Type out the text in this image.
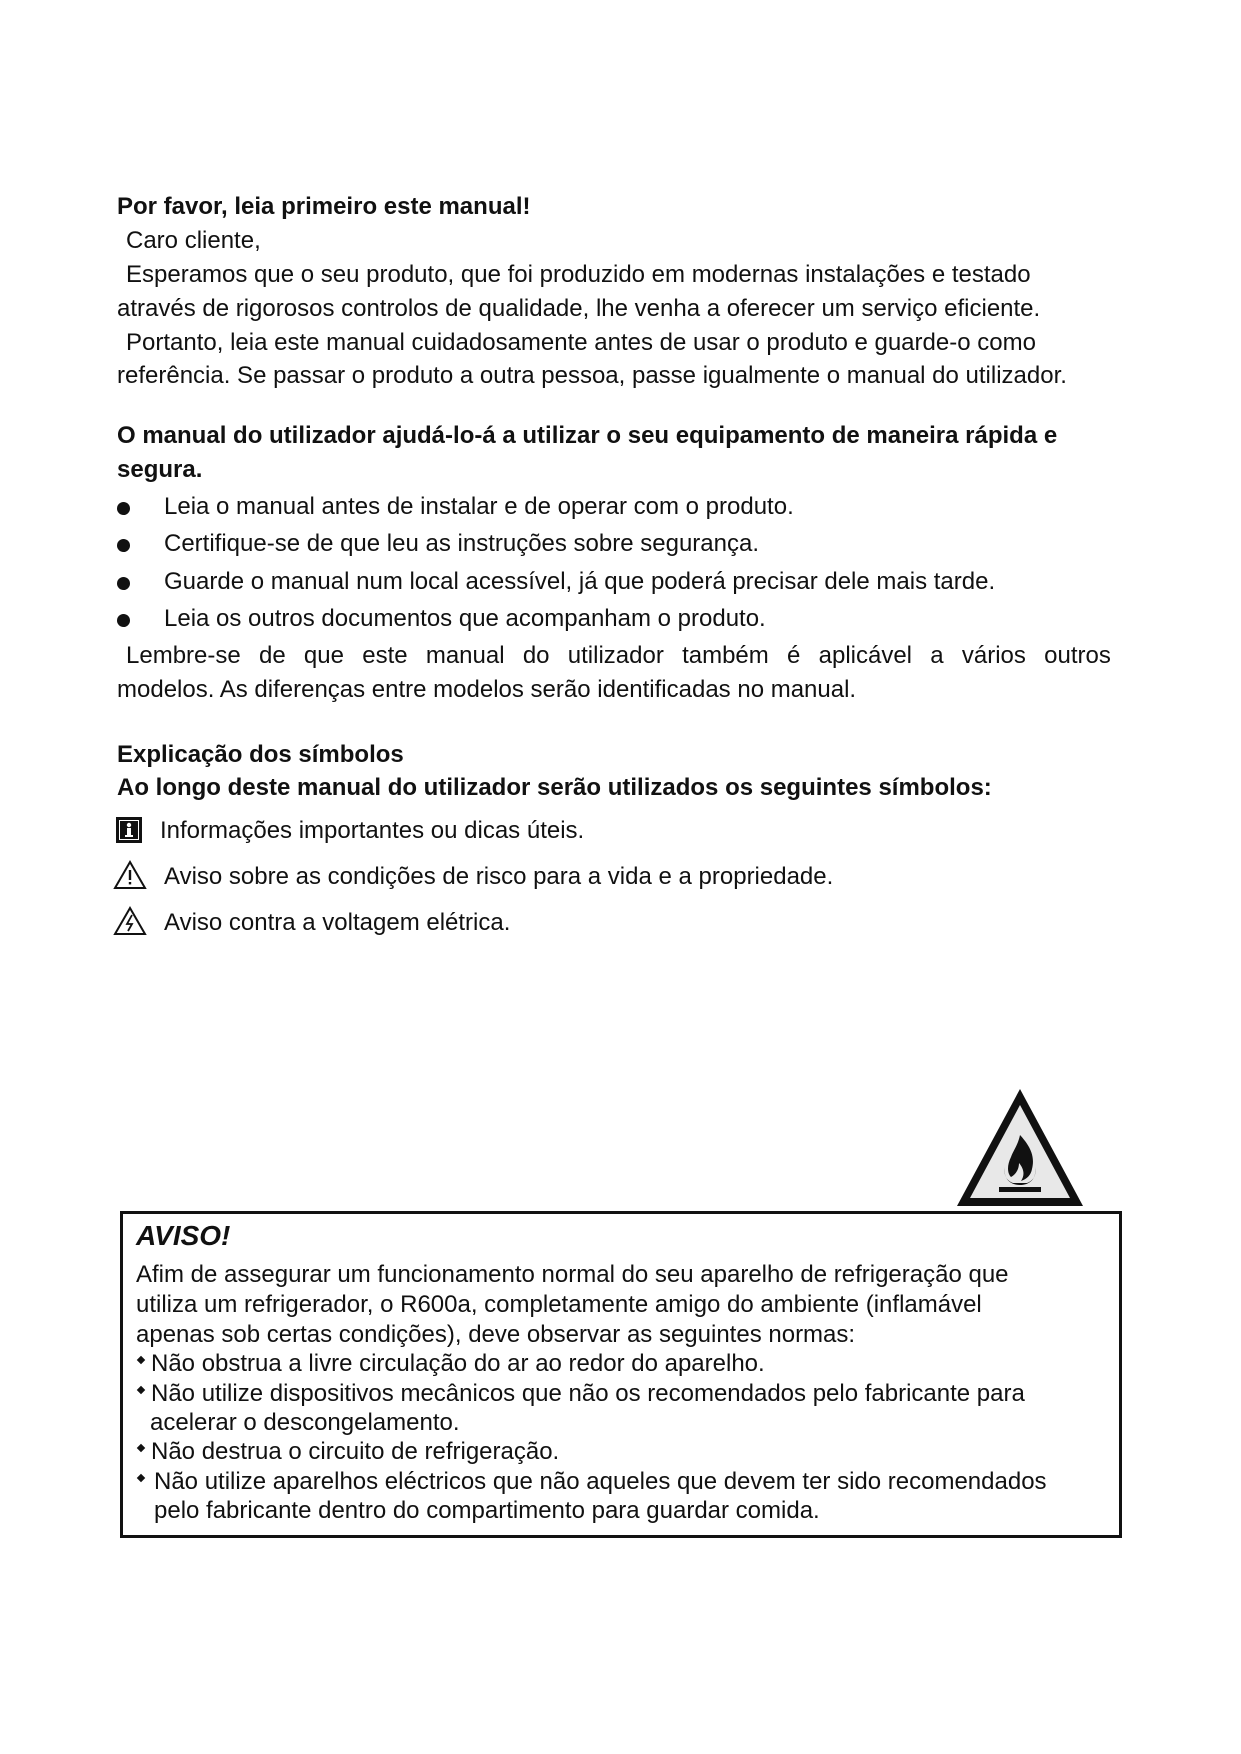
Por favor, leia primeiro este manual!
Caro cliente,
Esperamos que o seu produto, que foi produzido em modernas instalações e testado
através de rigorosos controlos de qualidade, lhe venha a oferecer um serviço eficiente.
Portanto, leia este manual cuidadosamente antes de usar o produto e guarde-o como
referência. Se passar o produto a outra pessoa, passe igualmente o manual do utilizador.
O manual do utilizador ajudá-lo-á a utilizar o seu equipamento de maneira rápida e
segura.
Leia o manual antes de instalar e de operar com o produto.
Certifique-se de que leu as instruções sobre segurança.
Guarde o manual num local acessível, já que poderá precisar dele mais tarde.
Leia os outros documentos que acompanham o produto.
Lembre-se de que este manual do utilizador também é aplicável a vários outros
modelos. As diferenças entre modelos serão identificadas no manual.
Explicação dos símbolos
Ao longo deste manual do utilizador serão utilizados os seguintes símbolos:
Informações importantes ou dicas úteis.
Aviso sobre as condições de risco para a vida e a propriedade.
Aviso contra a voltagem elétrica.
AVISO!
Afim de assegurar um funcionamento normal do seu aparelho de refrigeração que
utiliza um refrigerador, o R600a, completamente amigo do ambiente (inflamável
apenas sob certas condições), deve observar as seguintes normas:
Não obstrua a livre circulação do ar ao redor do aparelho.
Não utilize dispositivos mecânicos que não os recomendados pelo fabricante para
acelerar o descongelamento.
Não destrua o circuito de refrigeração.
Não utilize aparelhos eléctricos que não aqueles que devem ter sido recomendados
pelo fabricante dentro do compartimento para guardar comida.
